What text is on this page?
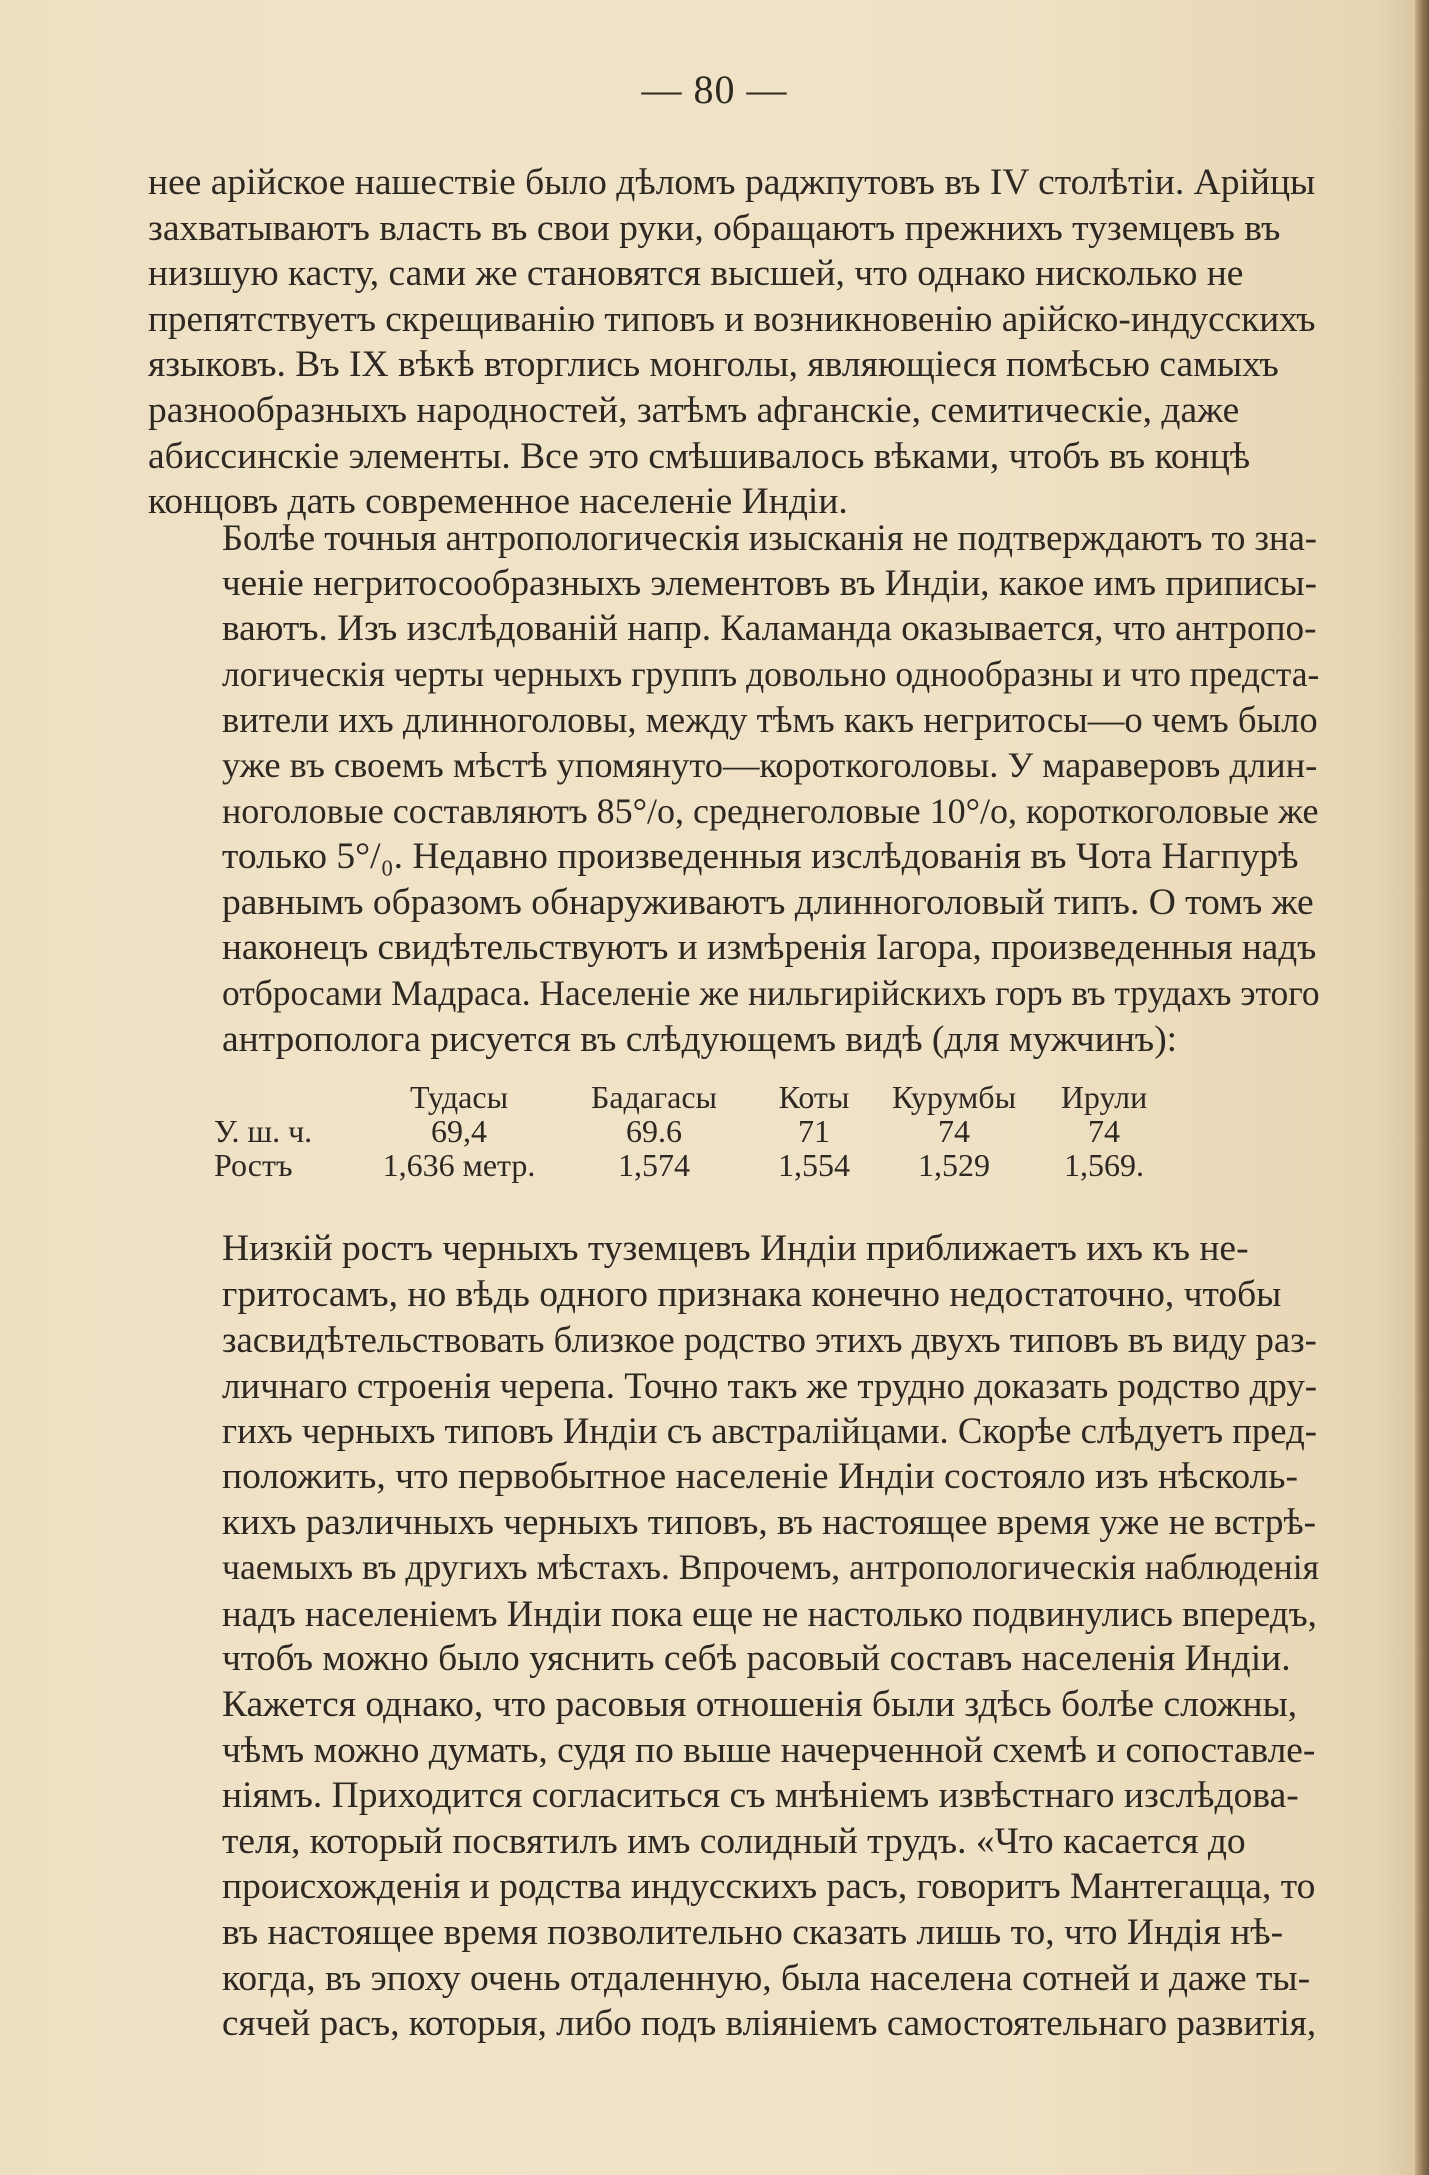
— 80 —
нее арійское нашествіе было дѣломъ раджпутовъ въ IV столѣтіи. Арійцы
захватываютъ власть въ свои руки, обращаютъ прежнихъ туземцевъ въ
низшую касту, сами же становятся высшей, что однако нисколько не
препятствуетъ скрещиванію типовъ и возникновенію арійско-индусскихъ
языковъ. Въ IX вѣкѣ вторглись монголы, являющіеся помѣсью самыхъ
разнообразныхъ народностей, затѣмъ афганскіе, семитическіе, даже
абиссинскіе элементы. Все это смѣшивалось вѣками, чтобъ въ концѣ
концовъ дать современное населеніе Индіи.
Болѣе точныя антропологическія изысканія не подтверждаютъ то зна-
ченіе негритосообразныхъ элементовъ въ Индіи, какое имъ приписы-
ваютъ. Изъ изслѣдованій напр. Каламанда оказывается, что антропо-
логическія черты черныхъ группъ довольно однообразны и что предста-
вители ихъ длинноголовы, между тѣмъ какъ негритосы—о чемъ было
уже въ своемъ мѣстѣ упомянуто—короткоголовы. У мараверовъ длин-
ноголовые составляютъ 85°/о, среднеголовые 10°/о, короткоголовые же
только 5°/₀. Недавно произведенныя изслѣдованія въ Чота Нагпурѣ
равнымъ образомъ обнаруживаютъ длинноголовый типъ. О томъ же
наконецъ свидѣтельствуютъ и измѣренія Іагора, произведенныя надъ
отбросами Мадраса. Населеніе же нильгирійскихъ горъ въ трудахъ этого
антрополога рисуется въ слѣдующемъ видѣ (для мужчинъ):
	Тудасы	Бадагасы	Коты	Курумбы	Ирули
У. ш. ч.	69,4	69.6	71	74	74
Ростъ	1,636 метр.	1,574	1,554	1,529	1,569.
Низкій ростъ черныхъ туземцевъ Индіи приближаетъ ихъ къ не-
гритосамъ, но вѣдь одного признака конечно недостаточно, чтобы
засвидѣтельствовать близкое родство этихъ двухъ типовъ въ виду раз-
личнаго строенія черепа. Точно такъ же трудно доказать родство дру-
гихъ черныхъ типовъ Индіи съ австралійцами. Скорѣе слѣдуетъ пред-
положить, что первобытное населеніе Индіи состояло изъ нѣсколь-
кихъ различныхъ черныхъ типовъ, въ настоящее время уже не встрѣ-
чаемыхъ въ другихъ мѣстахъ. Впрочемъ, антропологическія наблюденія
надъ населеніемъ Индіи пока еще не настолько подвинулись впередъ,
чтобъ можно было уяснить себѣ расовый составъ населенія Индіи.
Кажется однако, что расовыя отношенія были здѣсь болѣе сложны,
чѣмъ можно думать, судя по выше начерченной схемѣ и сопоставле-
ніямъ. Приходится согласиться съ мнѣніемъ извѣстнаго изслѣдова-
теля, который посвятилъ имъ солидный трудъ. «Что касается до
происхожденія и родства индусскихъ расъ, говоритъ Мантегацца, то
въ настоящее время позволительно сказать лишь то, что Индія нѣ-
когда, въ эпоху очень отдаленную, была населена сотней и даже ты-
сячей расъ, которыя, либо подъ вліяніемъ самостоятельнаго развитія,
